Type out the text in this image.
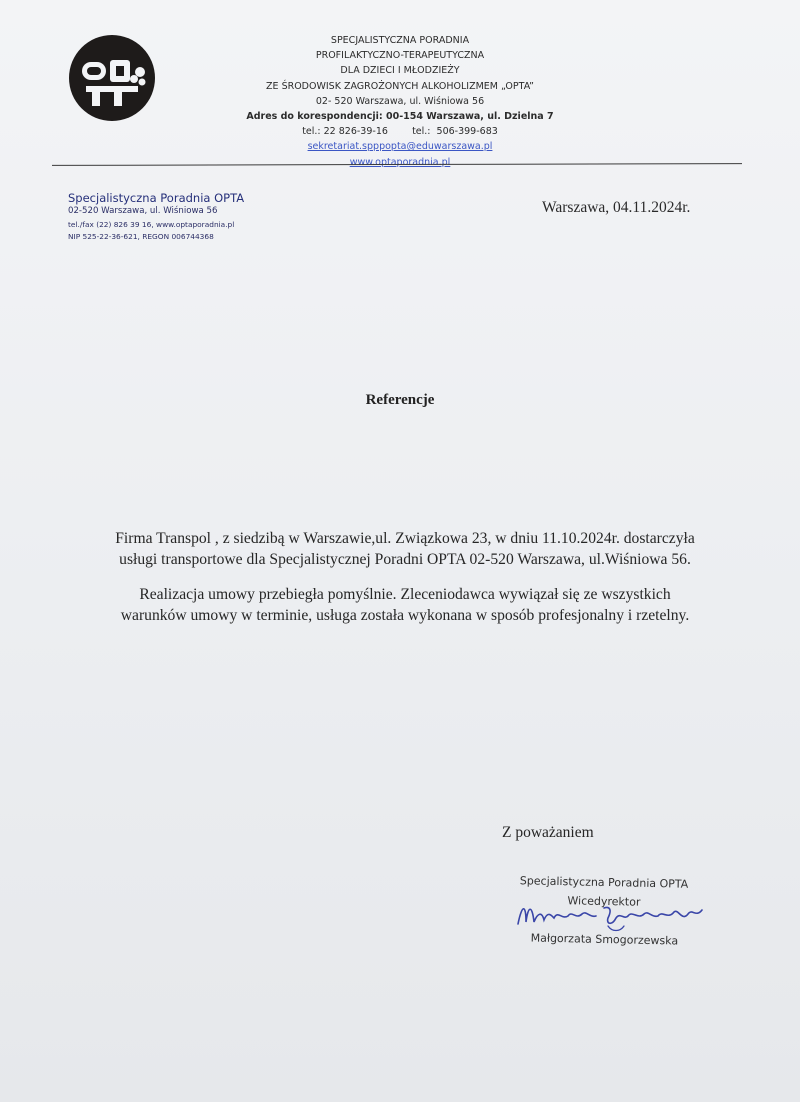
SPECJALISTYCZNA PORADNIA
PROFILAKTYCZNO-TERAPEUTYCZNA
DLA DZIECI I MŁODZIEŻY
ZE ŚRODOWISK ZAGROŻONYCH ALKOHOLIZMEM „OPTA”
02- 520 Warszawa, ul. Wiśniowa 56
Adres do korespondencji: 00-154 Warszawa, ul. Dzielna 7
tel.: 22 826-39-16        tel.:  506-399-683
sekretariat.spppopta@eduwarszawa.pl
www.optaporadnia.pl
Specjalistyczna Poradnia OPTA
02-520 Warszawa, ul. Wiśniowa 56
tel./fax (22) 826 39 16, www.optaporadnia.pl
NIP 525-22-36-621, REGON 006744368
Warszawa, 04.11.2024r.
Referencje
Firma Transpol , z siedzibą w Warszawie,ul. Związkowa 23, w dniu 11.10.2024r. dostarczyła
usługi transportowe dla Specjalistycznej Poradni OPTA 02-520 Warszawa, ul.Wiśniowa 56.
Realizacja umowy przebiegła pomyślnie. Zleceniodawca wywiązał się ze wszystkich
warunków umowy w terminie, usługa została wykonana w sposób profesjonalny i rzetelny.
Z poważaniem
Specjalistyczna Poradnia OPTA
Wicedyrektor
Małgorzata Smogorzewska
